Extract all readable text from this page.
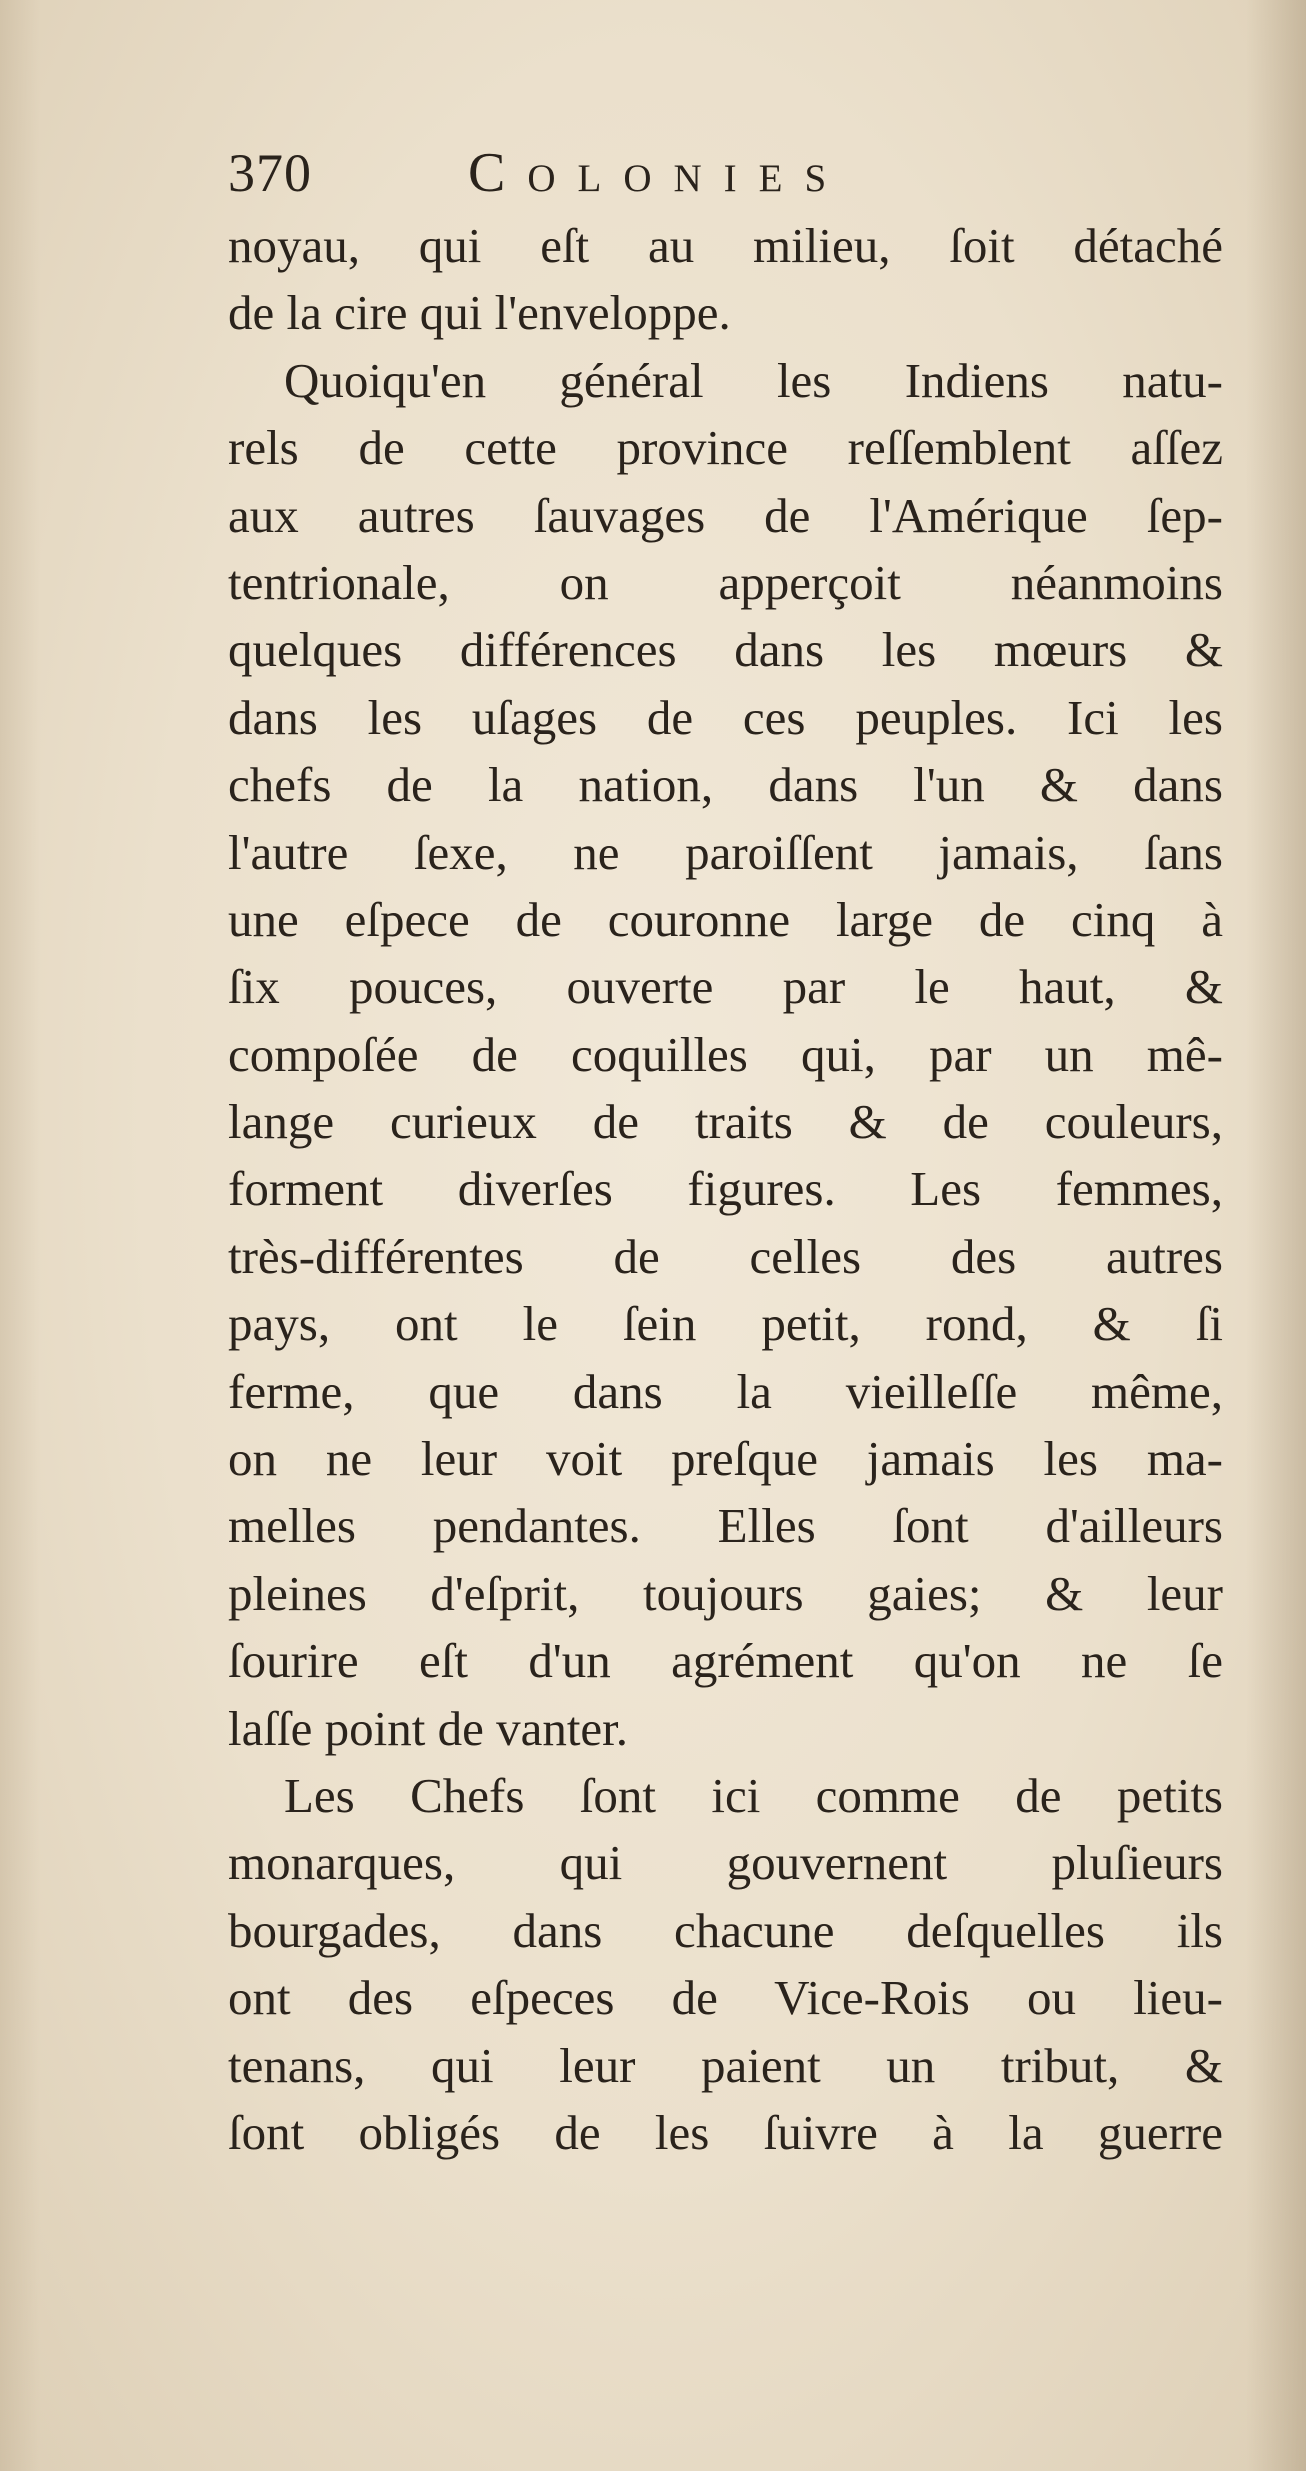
370	Colonies
noyau, qui eſt au milieu, ſoit détaché
de la cire qui l'enveloppe.
Quoiqu'en général les Indiens natu-
rels de cette province reſſemblent aſſez
aux autres ſauvages de l'Amérique ſep-
tentrionale, on apperçoit néanmoins
quelques différences dans les mœurs &
dans les uſages de ces peuples. Ici les
chefs de la nation, dans l'un & dans
l'autre ſexe, ne paroiſſent jamais, ſans
une eſpece de couronne large de cinq à
ſix pouces, ouverte par le haut, &
compoſée de coquilles qui, par un mê-
lange curieux de traits & de couleurs,
forment diverſes figures. Les femmes,
très-différentes de celles des autres
pays, ont le ſein petit, rond, & ſi
ferme, que dans la vieilleſſe même,
on ne leur voit preſque jamais les ma-
melles pendantes. Elles ſont d'ailleurs
pleines d'eſprit, toujours gaies; & leur
ſourire eſt d'un agrément qu'on ne ſe
laſſe point de vanter.
Les Chefs ſont ici comme de petits
monarques, qui gouvernent pluſieurs
bourgades, dans chacune deſquelles ils
ont des eſpeces de Vice-Rois ou lieu-
tenans, qui leur paient un tribut, &
ſont obligés de les ſuivre à la guerre
